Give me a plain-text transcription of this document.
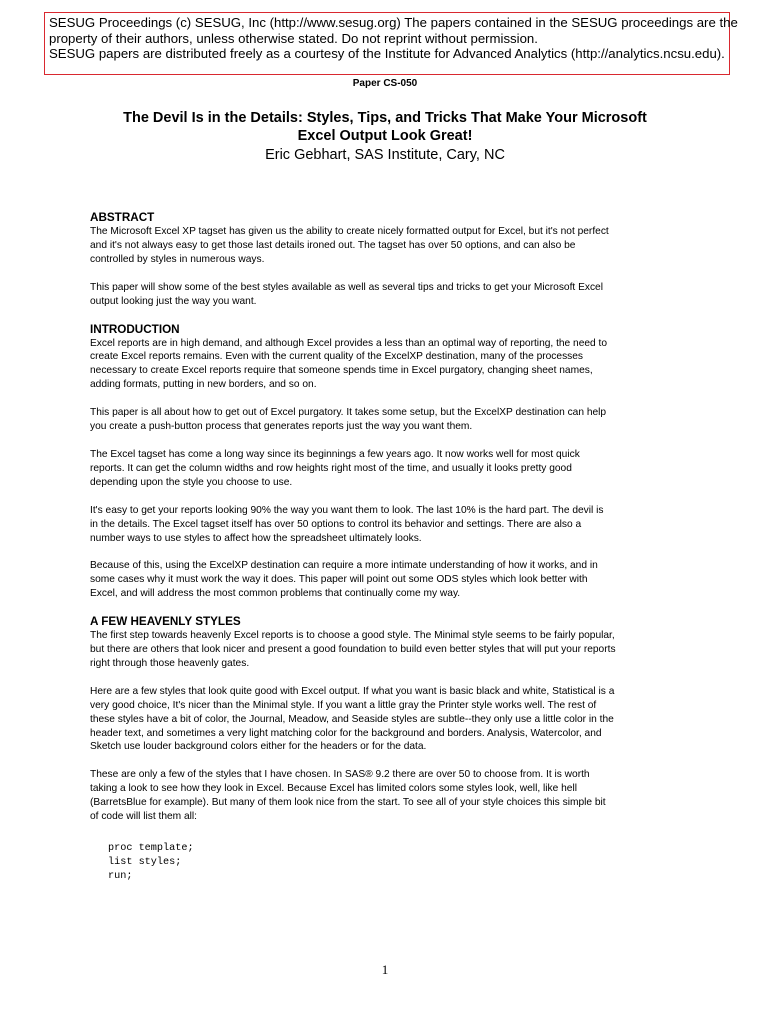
SESUG Proceedings (c) SESUG, Inc (http://www.sesug.org) The papers contained in the SESUG proceedings are the
property of their authors, unless otherwise stated. Do not reprint without permission.
SESUG papers are distributed freely as a courtesy of the Institute for Advanced Analytics (http://analytics.ncsu.edu).
Paper CS-050
The Devil Is in the Details: Styles, Tips, and Tricks That Make Your Microsoft
Excel Output Look Great!
Eric Gebhart, SAS Institute, Cary, NC
ABSTRACT

The Microsoft Excel XP tagset has given us the ability to create nicely formatted output for Excel, but it's not perfect
and it's not always easy to get those last details ironed out. The tagset has over 50 options, and can also be
controlled by styles in numerous ways.

This paper will show some of the best styles available as well as several tips and tricks to get your Microsoft Excel
output looking just the way you want.

INTRODUCTION

Excel reports are in high demand, and although Excel provides a less than an optimal way of reporting, the need to
create Excel reports remains. Even with the current quality of the ExcelXP destination, many of the processes
necessary to create Excel reports require that someone spends time in Excel purgatory, changing sheet names,
adding formats, putting in new borders, and so on.

This paper is all about how to get out of Excel purgatory. It takes some setup, but the ExcelXP destination can help
you create a push-button process that generates reports just the way you want them.

The Excel tagset has come a long way since its beginnings a few years ago. It now works well for most quick
reports. It can get the column widths and row heights right most of the time, and usually it looks pretty good
depending upon the style you choose to use.

It's easy to get your reports looking 90% the way you want them to look. The last 10% is the hard part. The devil is
in the details. The Excel tagset itself has over 50 options to control its behavior and settings. There are also a
number ways to use styles to affect how the spreadsheet ultimately looks.

Because of this, using the ExcelXP destination can require a more intimate understanding of how it works, and in
some cases why it must work the way it does. This paper will point out some ODS styles which look better with
Excel, and will address the most common problems that continually come my way.

A FEW HEAVENLY STYLES

The first step towards heavenly Excel reports is to choose a good style. The Minimal style seems to be fairly popular,
but there are others that look nicer and present a good foundation to build even better styles that will put your reports
right through those heavenly gates.

Here are a few styles that look quite good with Excel output. If what you want is basic black and white, Statistical is a
very good choice, It's nicer than the Minimal style. If you want a little gray the Printer style works well. The rest of
these styles have a bit of color, the Journal, Meadow, and Seaside styles are subtle--they only use a little color in the
header text, and sometimes a very light matching color for the background and borders. Analysis, Watercolor, and
Sketch use louder background colors either for the headers or for the data.

These are only a few of the styles that I have chosen. In SAS® 9.2 there are over 50 to choose from. It is worth
taking a look to see how they look in Excel. Because Excel has limited colors some styles look, well, like hell
(BarretsBlue for example). But many of them look nice from the start. To see all of your style choices this simple bit
of code will list them all:

proc template;
list styles;
run;
1
